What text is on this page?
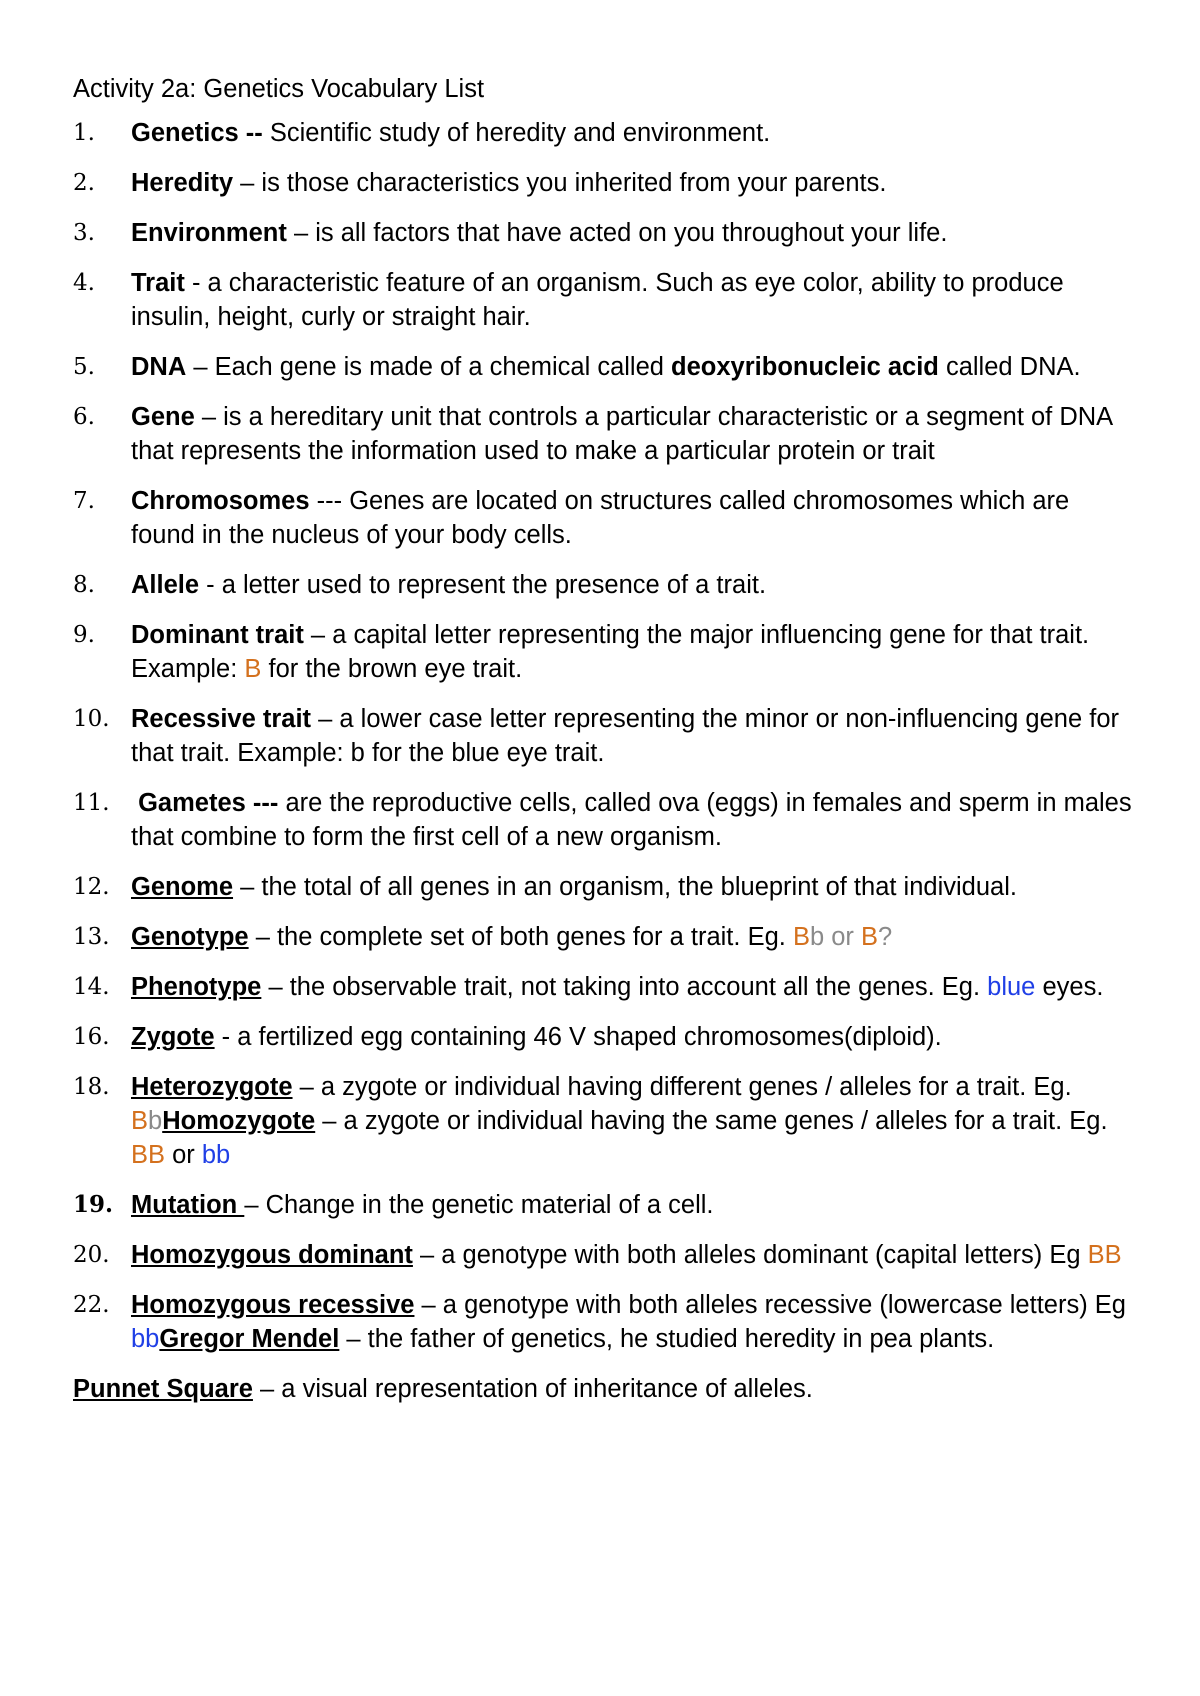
Activity 2a: Genetics Vocabulary List
1. Genetics -- Scientific study of heredity and environment.
2. Heredity – is those characteristics you inherited from your parents.
3. Environment – is all factors that have acted on you throughout your life.
4. Trait - a characteristic feature of an organism. Such as eye color, ability to produce insulin, height, curly or straight hair.
5. DNA – Each gene is made of a chemical called deoxyribonucleic acid called DNA.
6. Gene – is a hereditary unit that controls a particular characteristic or a segment of DNA that represents the information used to make a particular protein or trait
7. Chromosomes --- Genes are located on structures called chromosomes which are found in the nucleus of your body cells.
8. Allele - a letter used to represent the presence of a trait.
9. Dominant trait – a capital letter representing the major influencing gene for that trait. Example: B for the brown eye trait.
10. Recessive trait – a lower case letter representing the minor or non-influencing gene for that trait. Example: b for the blue eye trait.
11. Gametes --- are the reproductive cells, called ova (eggs) in females and sperm in males that combine to form the first cell of a new organism.
12. Genome – the total of all genes in an organism, the blueprint of that individual.
13. Genotype – the complete set of both genes for a trait. Eg. Bb or B?
14. Phenotype – the observable trait, not taking into account all the genes. Eg. blue eyes.
16. Zygote - a fertilized egg containing 46 V shaped chromosomes(diploid).
18. Heterozygote – a zygote or individual having different genes / alleles for a trait. Eg. BbHomozygote – a zygote or individual having the same genes / alleles for a trait. Eg. BB or bb
19. Mutation – Change in the genetic material of a cell.
20. Homozygous dominant – a genotype with both alleles dominant (capital letters) Eg BB
22. Homozygous recessive – a genotype with both alleles recessive (lowercase letters) Eg bbGregor Mendel – the father of genetics, he studied heredity in pea plants.
Punnet Square – a visual representation of inheritance of alleles.
